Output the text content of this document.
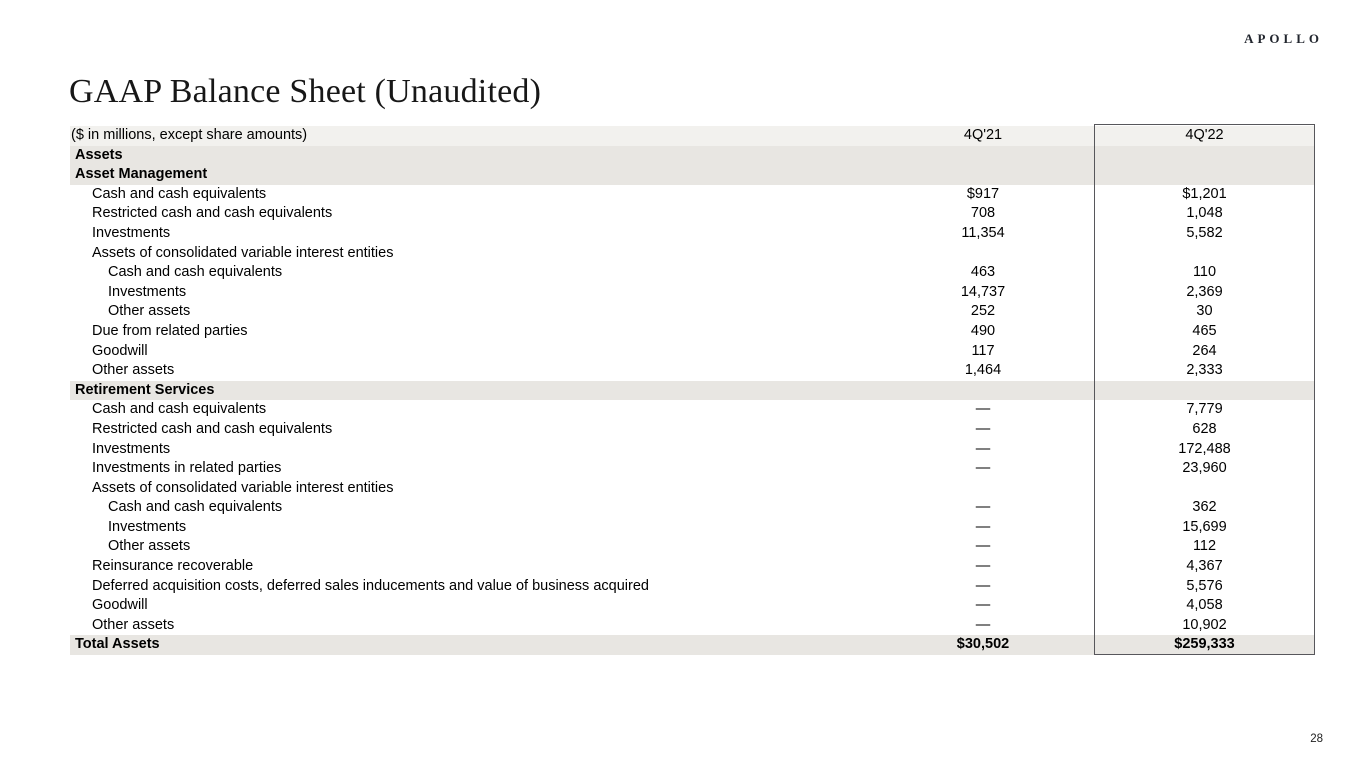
GAAP Balance Sheet (Unaudited)
APOLLO
($ in millions, except share amounts)	4Q'21	4Q'22
Assets
Asset Management
Cash and cash equivalents	$917	$1,201
Restricted cash and cash equivalents	708	1,048
Investments	11,354	5,582
Assets of consolidated variable interest entities
Cash and cash equivalents	463	110
Investments	14,737	2,369
Other assets	252	30
Due from related parties	490	465
Goodwill	117	264
Other assets	1,464	2,333
Retirement Services
Cash and cash equivalents	—	7,779
Restricted cash and cash equivalents	—	628
Investments	—	172,488
Investments in related parties	—	23,960
Assets of consolidated variable interest entities
Cash and cash equivalents	—	362
Investments	—	15,699
Other assets	—	112
Reinsurance recoverable	—	4,367
Deferred acquisition costs, deferred sales inducements and value of business acquired	—	5,576
Goodwill	—	4,058
Other assets	—	10,902
Total Assets	$30,502	$259,333
28
